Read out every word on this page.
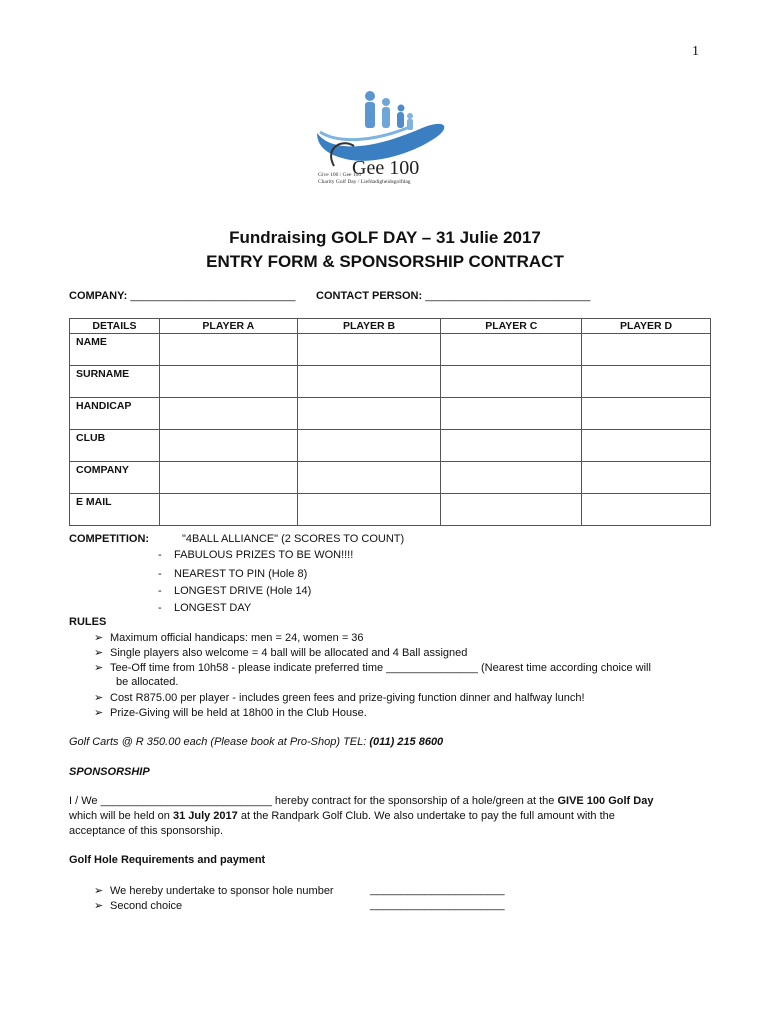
1
Gee 100
Give 100 / Gee 100
Charity Golf Day / Liefdadigheidsgolfdag
Fundraising GOLF DAY – 31 Julie 2017
ENTRY FORM & SPONSORSHIP CONTRACT
COMPANY: ___________________________ CONTACT PERSON: ___________________________
DETAILS	PLAYER A	PLAYER B	PLAYER C	PLAYER D
NAME				
SURNAME				
HANDICAP				
CLUB				
COMPANY				
E MAIL				
COMPETITION:	"4BALL ALLIANCE" (2 SCORES TO COUNT)
- FABULOUS PRIZES TO BE WON!!!!
- NEAREST TO PIN (Hole 8)
- LONGEST DRIVE (Hole 14)
- LONGEST DAY
RULES
➢ Maximum official handicaps: men = 24, women = 36
➢ Single players also welcome = 4 ball will be allocated and 4 Ball assigned
➢ Tee-Off time from 10h58 - please indicate preferred time _______________ (Nearest time according choice will
be allocated.
➢ Cost R875.00 per player - includes green fees and prize-giving function dinner and halfway lunch!
➢ Prize-Giving will be held at 18h00 in the Club House.
Golf Carts @ R 350.00 each (Please book at Pro-Shop) TEL: (011) 215 8600
SPONSORSHIP
I / We ____________________________ hereby contract for the sponsorship of a hole/green at the GIVE 100 Golf Day
which will be held on 31 July 2017 at the Randpark Golf Club. We also undertake to pay the full amount with the
acceptance of this sponsorship.
Golf Hole Requirements and payment
➢ We hereby undertake to sponsor hole number	______________________
➢ Second choice	______________________
